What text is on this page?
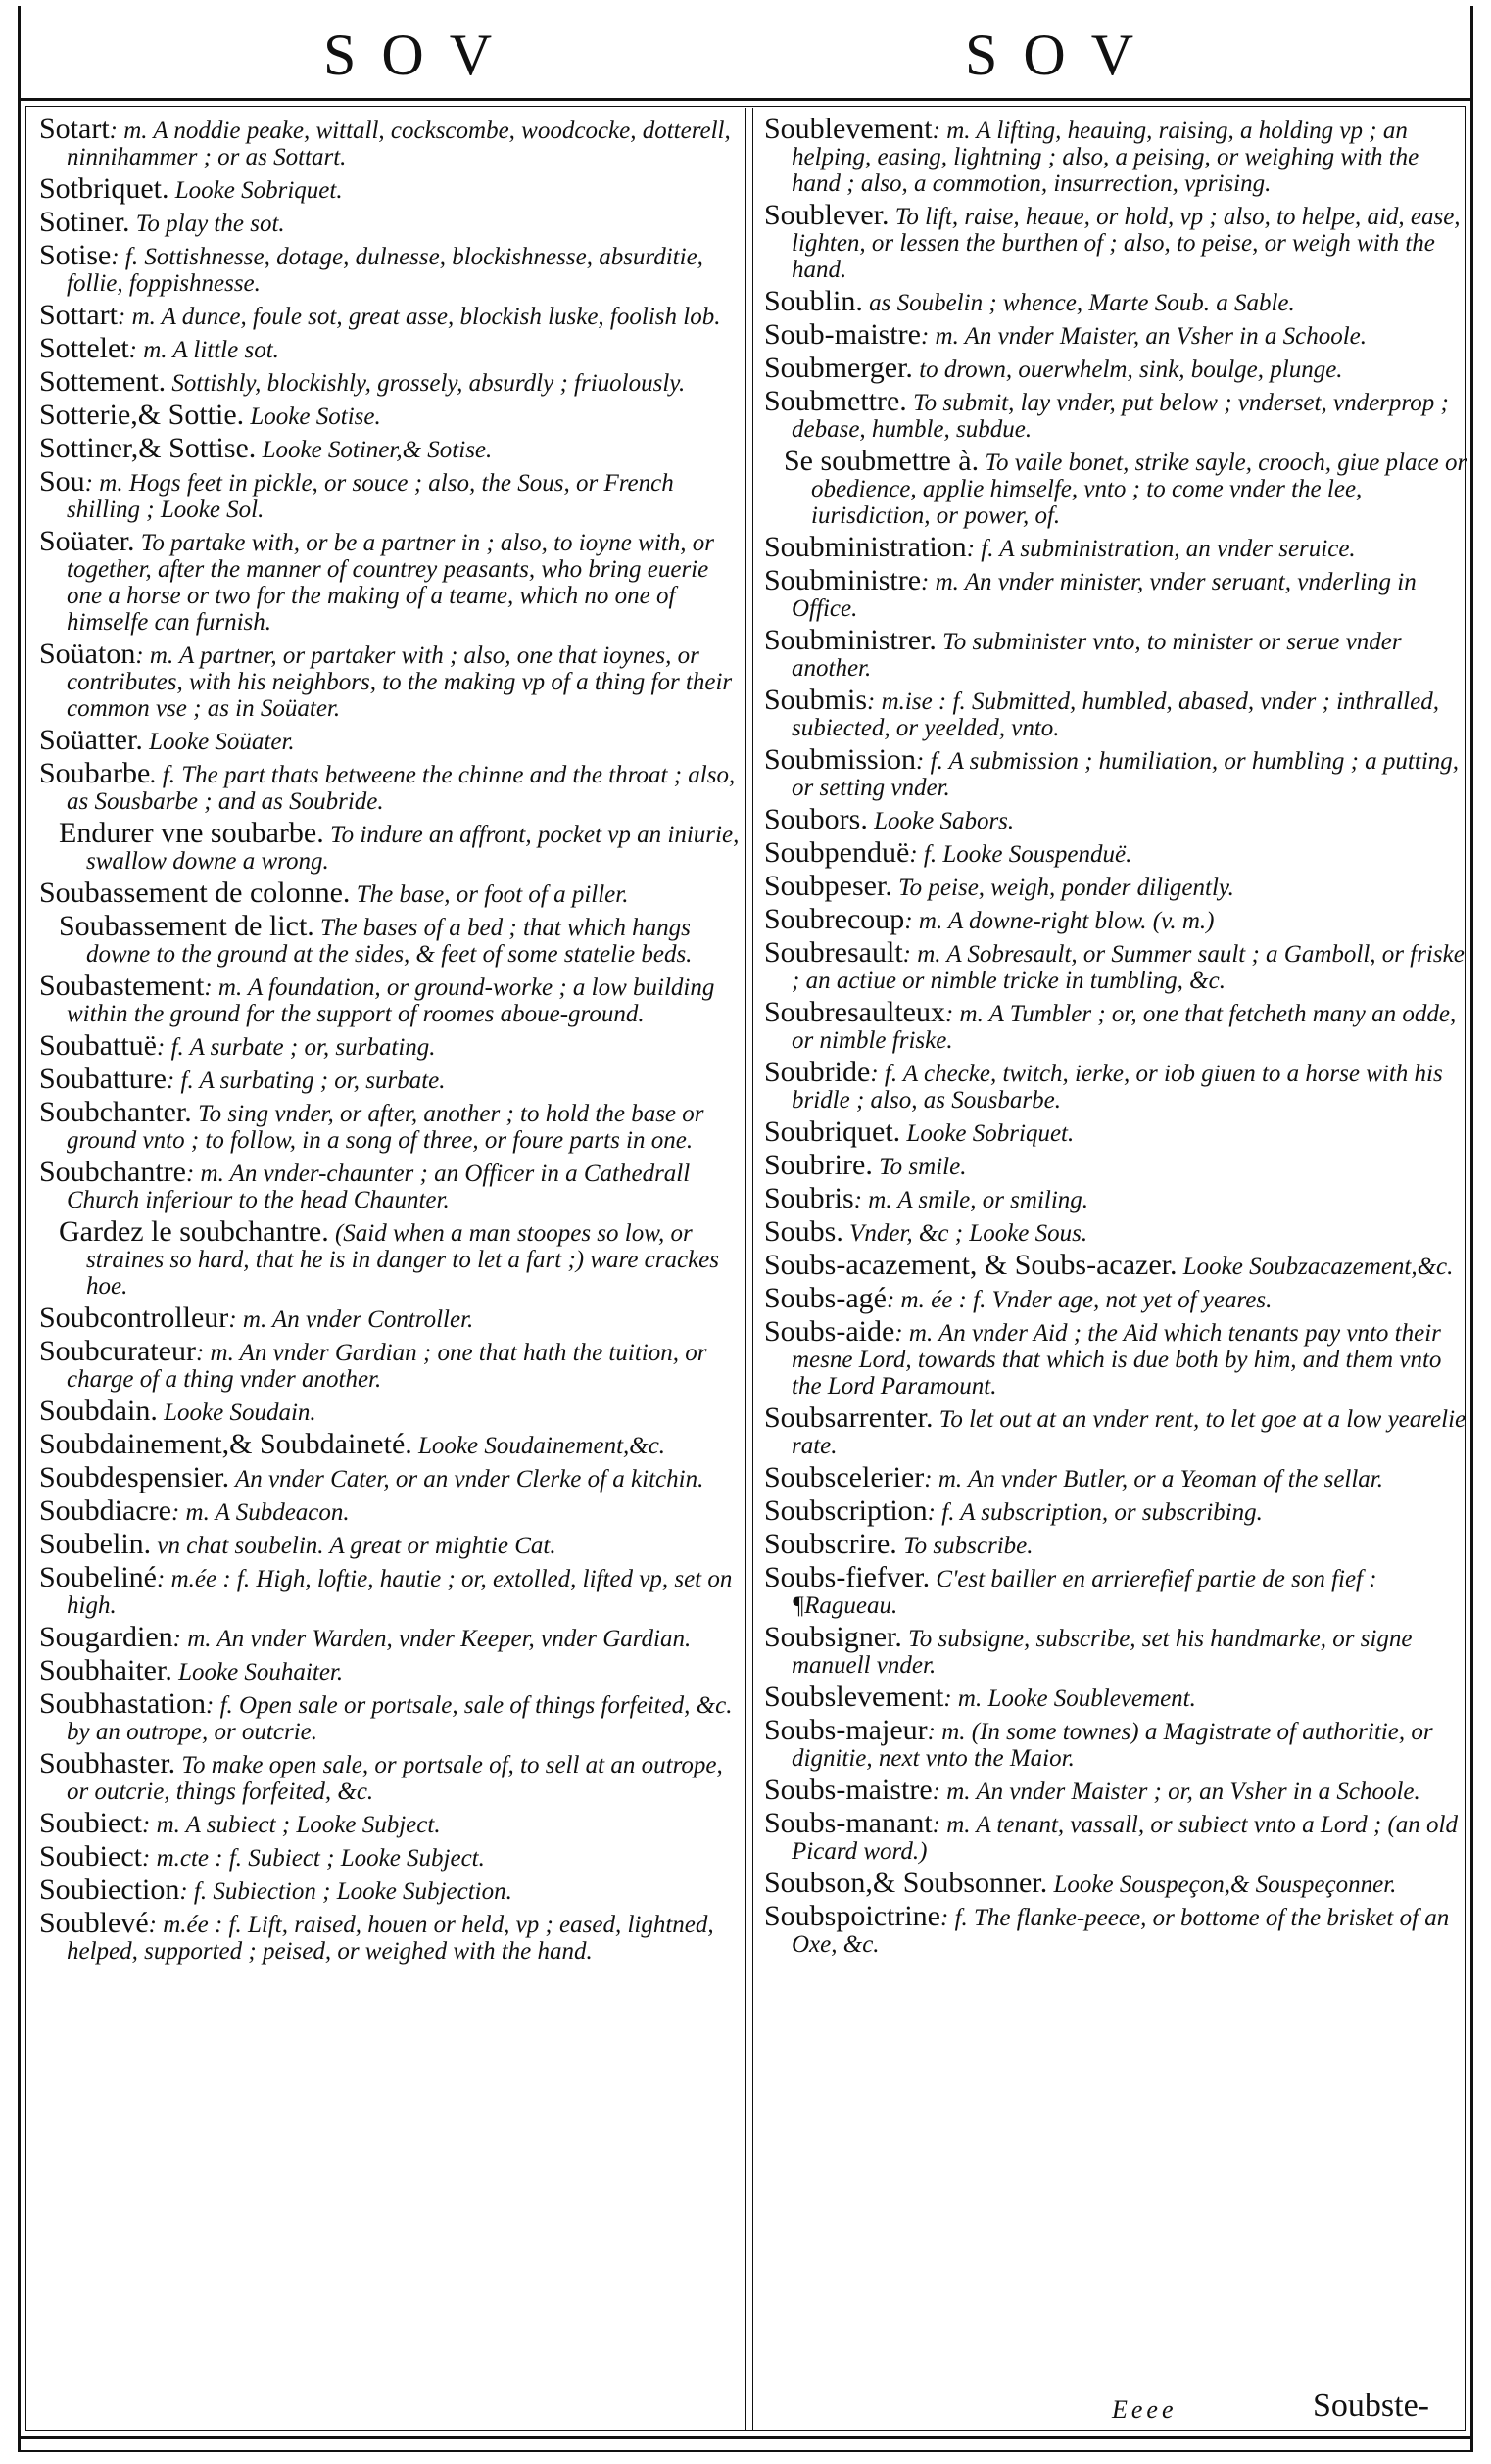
SOV	SOV
Sotart: m. A noddie peake, wittall, cockscombe, woodcocke, dotterell, ninnihammer ; or as Sottart.
Sotbriquet. Looke Sobriquet.
Sotiner. To play the sot.
Sotise: f. Sottishnesse, dotage, dulnesse, blockishnesse, absurditie, follie, foppishnesse.
Sottart: m. A dunce, foule sot, great asse, blockish luske, foolish lob.
Sottelet: m. A little sot.
Sottement. Sottishly, blockishly, grossely, absurdly ; friuolously.
Sotterie,& Sottie. Looke Sotise.
Sottiner,& Sottise. Looke Sotiner,& Sotise.
Sou: m. Hogs feet in pickle, or souce ; also, the Sous, or French shilling ; Looke Sol.
Soüater. To partake with, or be a partner in ; also, to ioyne with, or together, after the manner of countrey peasants, who bring euerie one a horse or two for the making of a teame, which no one of himselfe can furnish.
Soüaton: m. A partner, or partaker with ; also, one that ioynes, or contributes, with his neighbors, to the making vp of a thing for their common vse ; as in Soüater.
Soüatter. Looke Soüater.
Soubarbe. f. The part thats betweene the chinne and the throat ; also, as Sousbarbe ; and as Soubride.
Endurer vne soubarbe. To indure an affront, pocket vp an iniurie, swallow downe a wrong.
Soubassement de colonne. The base, or foot of a piller.
Soubassement de lict. The bases of a bed ; that which hangs downe to the ground at the sides, & feet of some statelie beds.
Soubastement: m. A foundation, or ground-worke ; a low building within the ground for the support of roomes aboue-ground.
Soubattuë: f. A surbate ; or, surbating.
Soubatture: f. A surbating ; or, surbate.
Soubchanter. To sing vnder, or after, another ; to hold the base or ground vnto ; to follow, in a song of three, or foure parts in one.
Soubchantre: m. An vnder-chaunter ; an Officer in a Cathedrall Church inferiour to the head Chaunter.
Gardez le soubchantre. (Said when a man stoopes so low, or straines so hard, that he is in danger to let a fart ;) ware crackes hoe.
Soubcontrolleur: m. An vnder Controller.
Soubcurateur: m. An vnder Gardian ; one that hath the tuition, or charge of a thing vnder another.
Soubdain. Looke Soudain.
Soubdainement,& Soubdaineté. Looke Soudainement,&c.
Soubdespensier. An vnder Cater, or an vnder Clerke of a kitchin.
Soubdiacre: m. A Subdeacon.
Soubelin. vn chat soubelin. A great or mightie Cat.
Soubeliné: m.ée : f. High, loftie, hautie ; or, extolled, lifted vp, set on high.
Sougardien: m. An vnder Warden, vnder Keeper, vnder Gardian.
Soubhaiter. Looke Souhaiter.
Soubhastation: f. Open sale or portsale, sale of things forfeited, &c. by an outrope, or outcrie.
Soubhaster. To make open sale, or portsale of, to sell at an outrope, or outcrie, things forfeited, &c.
Soubiect: m. A subiect ; Looke Subject.
Soubiect: m.cte : f. Subiect ; Looke Subject.
Soubiection: f. Subiection ; Looke Subjection.
Soublevé: m.ée : f. Lift, raised, houen or held, vp ; eased, lightned, helped, supported ; peised, or weighed with the hand.
Soublevement: m. A lifting, heauing, raising, a holding vp ; an helping, easing, lightning ; also, a peising, or weighing with the hand ; also, a commotion, insurrection, vprising.
Soublever. To lift, raise, heaue, or hold, vp ; also, to helpe, aid, ease, lighten, or lessen the burthen of ; also, to peise, or weigh with the hand.
Soublin. as Soubelin ; whence, Marte Soub. a Sable.
Soub-maistre: m. An vnder Maister, an Vsher in a Schoole.
Soubmerger. to drown, ouerwhelm, sink, boulge, plunge.
Soubmettre. To submit, lay vnder, put below ; vnderset, vnderprop ; debase, humble, subdue.
Se soubmettre à. To vaile bonet, strike sayle, crooch, giue place or obedience, applie himselfe, vnto ; to come vnder the lee, iurisdiction, or power, of.
Soubministration: f. A subministration, an vnder seruice.
Soubministre: m. An vnder minister, vnder seruant, vnderling in Office.
Soubministrer. To subminister vnto, to minister or serue vnder another.
Soubmis: m.ise : f. Submitted, humbled, abased, vnder ; inthralled, subiected, or yeelded, vnto.
Soubmission: f. A submission ; humiliation, or humbling ; a putting, or setting vnder.
Soubors. Looke Sabors.
Soubpenduë: f. Looke Souspenduë.
Soubpeser. To peise, weigh, ponder diligently.
Soubrecoup: m. A downe-right blow. (v. m.)
Soubresault: m. A Sobresault, or Summer sault ; a Gamboll, or friske ; an actiue or nimble tricke in tumbling, &c.
Soubresaulteux: m. A Tumbler ; or, one that fetcheth many an odde, or nimble friske.
Soubride: f. A checke, twitch, ierke, or iob giuen to a horse with his bridle ; also, as Sousbarbe.
Soubriquet. Looke Sobriquet.
Soubrire. To smile.
Soubris: m. A smile, or smiling.
Soubs. Vnder, &c ; Looke Sous.
Soubs-acazement, & Soubs-acazer. Looke Soubzacazement,&c.
Soubs-agé: m. ée : f. Vnder age, not yet of yeares.
Soubs-aide: m. An vnder Aid ; the Aid which tenants pay vnto their mesne Lord, towards that which is due both by him, and them vnto the Lord Paramount.
Soubsarrenter. To let out at an vnder rent, to let goe at a low yearelie rate.
Soubscelerier: m. An vnder Butler, or a Yeoman of the sellar.
Soubscription: f. A subscription, or subscribing.
Soubscrire. To subscribe.
Soubs-fiefver. C'est bailler en arrierefief partie de son fief : ¶Ragueau.
Soubsigner. To subsigne, subscribe, set his handmarke, or signe manuell vnder.
Soubslevement: m. Looke Soublevement.
Soubs-majeur: m. (In some townes) a Magistrate of authoritie, or dignitie, next vnto the Maior.
Soubs-maistre: m. An vnder Maister ; or, an Vsher in a Schoole.
Soubs-manant: m. A tenant, vassall, or subiect vnto a Lord ; (an old Picard word.)
Soubson,& Soubsonner. Looke Souspeçon,& Souspeçonner.
Soubspoictrine: f. The flanke-peece, or bottome of the brisket of an Oxe, &c.
Eeee	Soubste-
